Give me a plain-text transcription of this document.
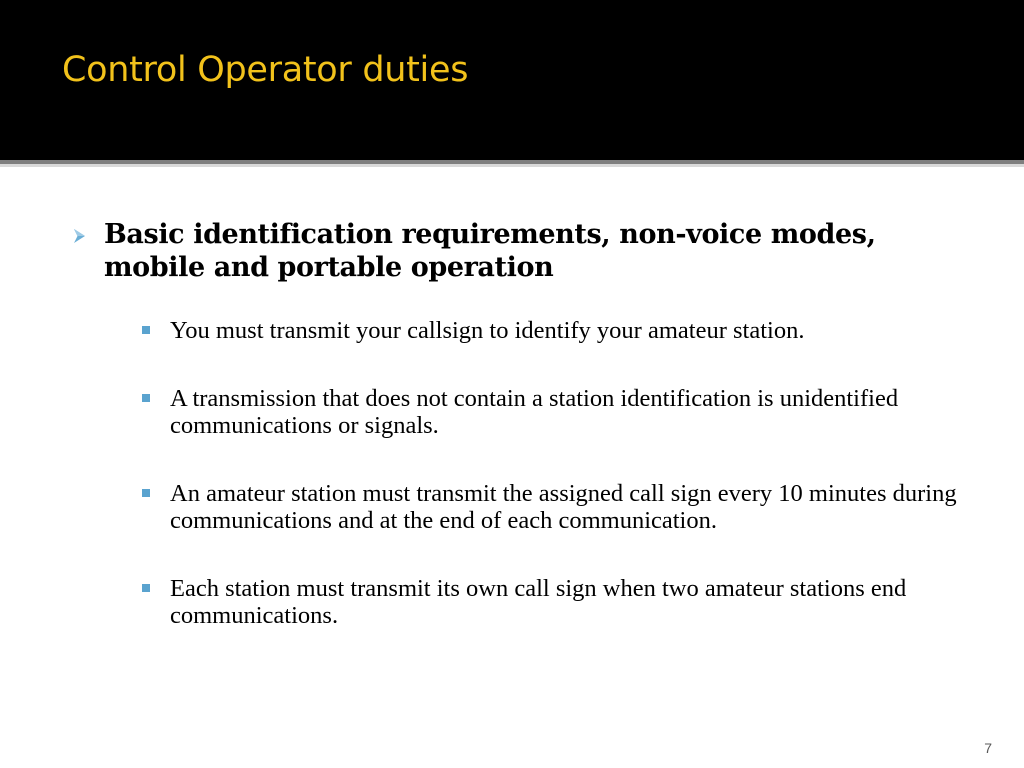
Control Operator duties

Basic identification requirements, non-voice modes, mobile and portable operation

You must transmit your callsign to identify your amateur station.

A transmission that does not contain a station identification is unidentified communications or signals.

An amateur station must transmit the assigned call sign every 10 minutes during communications and at the end of each communication.

Each station must transmit its own call sign when two amateur stations end communications.

7
